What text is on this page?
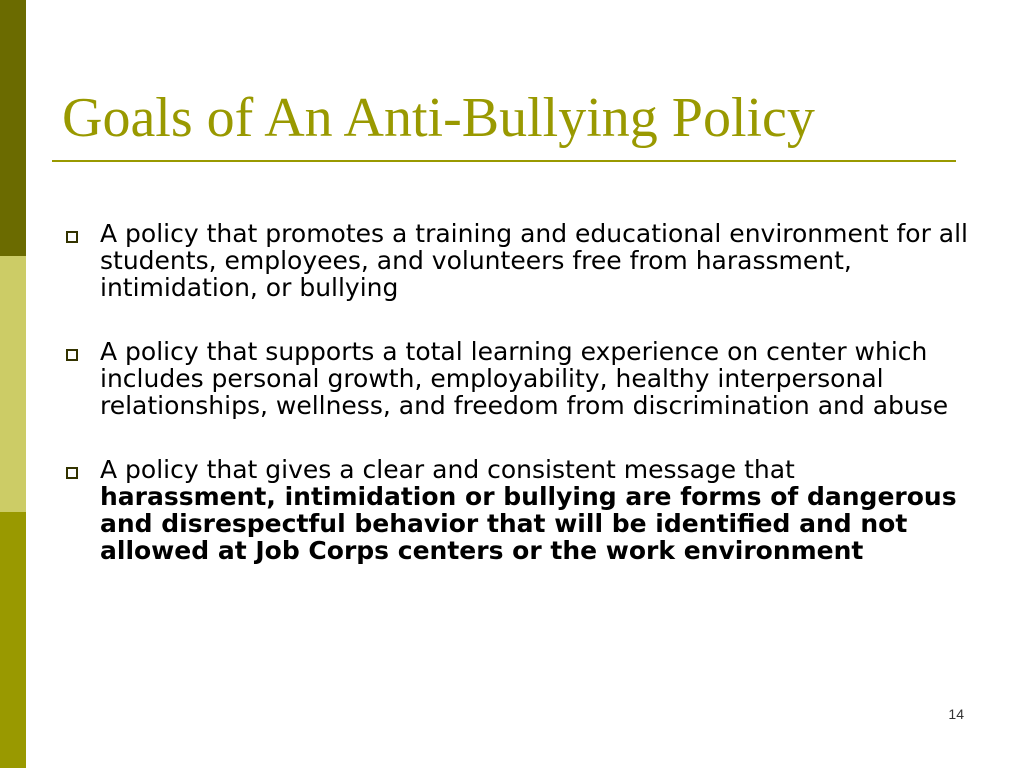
Goals of An Anti-Bullying Policy
A policy that promotes a training and educational environment for all students, employees, and volunteers free from harassment, intimidation, or bullying
A policy that supports a total learning experience on center which includes personal growth, employability, healthy interpersonal relationships, wellness, and freedom from discrimination and abuse
A policy that gives a clear and consistent message that harassment, intimidation or bullying are forms of dangerous and disrespectful behavior that will be identified and not allowed at Job Corps centers or the work environment
14
